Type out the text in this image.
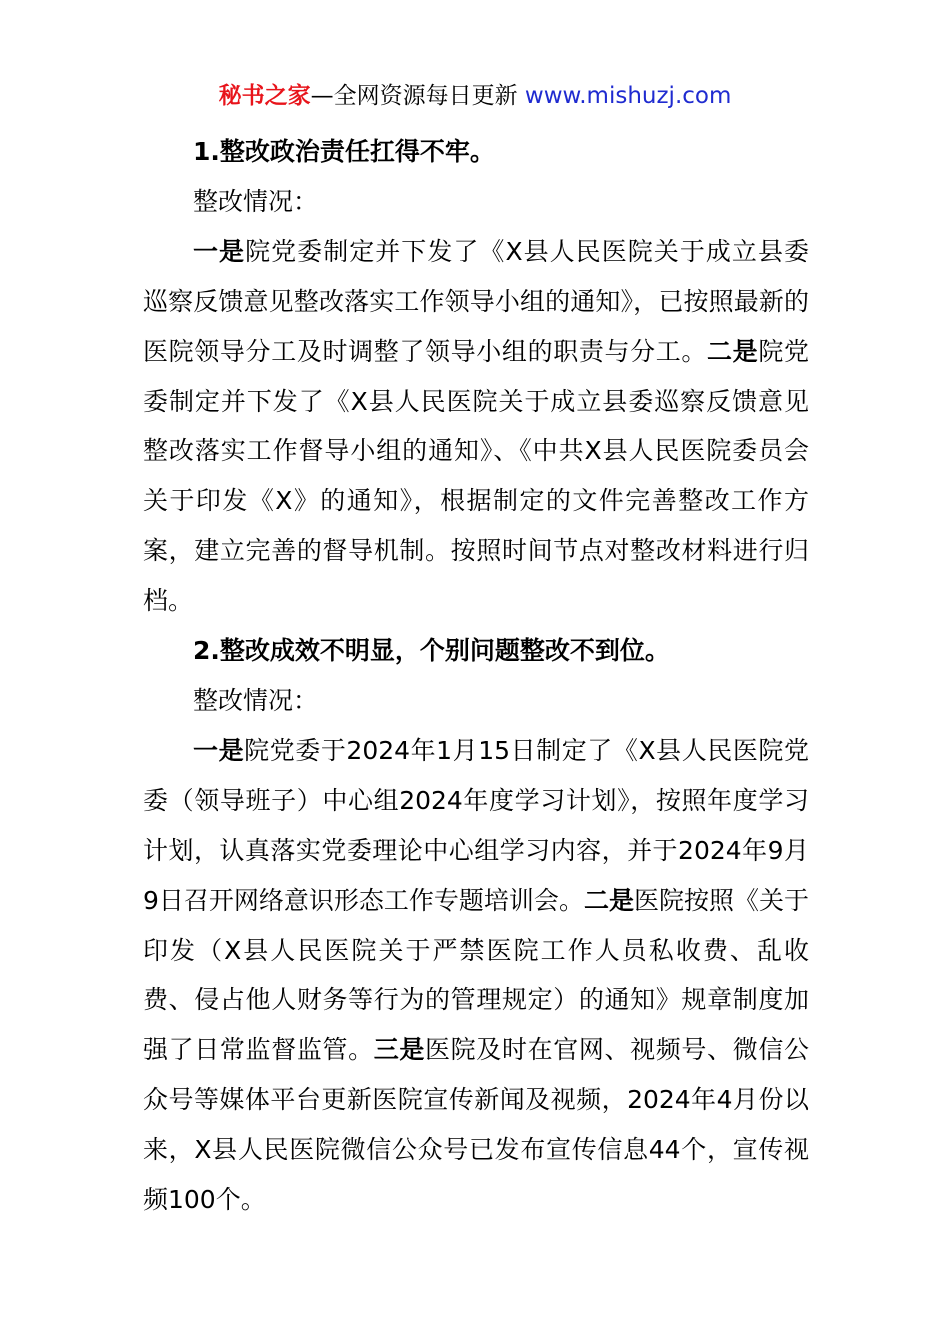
秘书之家—全网资源每日更新 www.mishuzj.com

1.整改政治责任扛得不牢。

整改情况：

一是院党委制定并下发了《X县人民医院关于成立县委巡察反馈意见整改落实工作领导小组的通知》，已按照最新的医院领导分工及时调整了领导小组的职责与分工。二是院党委制定并下发了《X县人民医院关于成立县委巡察反馈意见整改落实工作督导小组的通知》、《中共X县人民医院委员会关于印发《X》的通知》，根据制定的文件完善整改工作方案，建立完善的督导机制。按照时间节点对整改材料进行归档。

2.整改成效不明显，个别问题整改不到位。

整改情况：

一是院党委于2024年1月15日制定了《X县人民医院党委（领导班子）中心组2024年度学习计划》，按照年度学习计划，认真落实党委理论中心组学习内容，并于2024年9月9日召开网络意识形态工作专题培训会。二是医院按照《关于印发（X县人民医院关于严禁医院工作人员私收费、乱收费、侵占他人财务等行为的管理规定）的通知》规章制度加强了日常监督监管。三是医院及时在官网、视频号、微信公众号等媒体平台更新医院宣传新闻及视频，2024年4月份以来，X县人民医院微信公众号已发布宣传信息44个，宣传视频100个。
